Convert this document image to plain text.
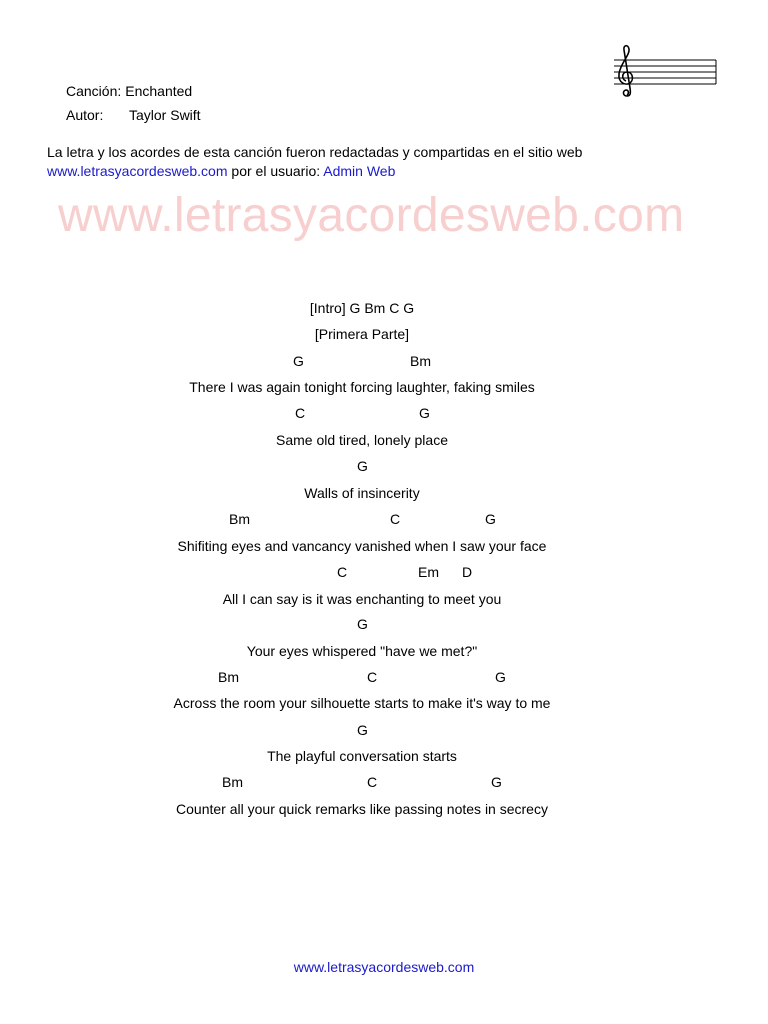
Canción: Enchanted
Autor: Taylor Swift
La letra y los acordes de esta canción fueron redactadas y compartidas en el sitio web
www.letrasyacordesweb.com por el usuario: Admin Web
www.letrasyacordesweb.com
[Intro] G Bm C G
[Primera Parte]
G	Bm
There I was again tonight forcing laughter, faking smiles
C	G
Same old tired, lonely place
G
Walls of insincerity
Bm	C	G
Shifiting eyes and vancancy vanished when I saw your face
C	Em D
All I can say is it was enchanting to meet you
G
Your eyes whispered "have we met?"
Bm	C	G
Across the room your silhouette starts to make it's way to me
G
The playful conversation starts
Bm	C	G
Counter all your quick remarks like passing notes in secrecy
www.letrasyacordesweb.com
